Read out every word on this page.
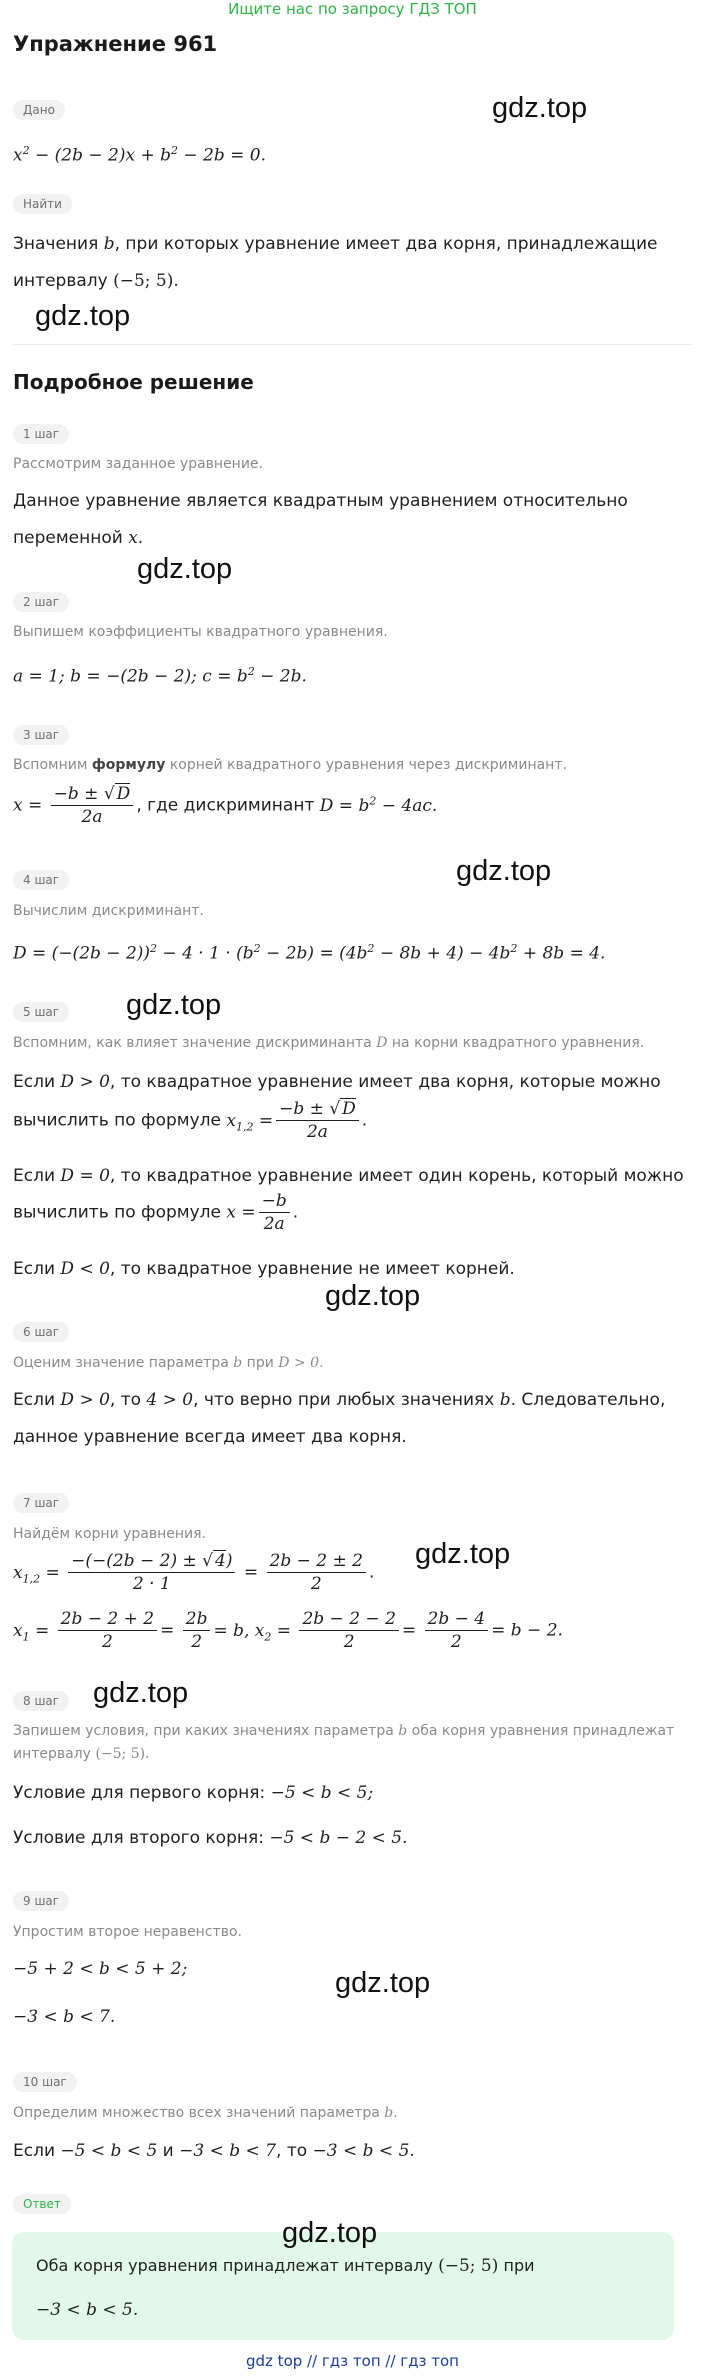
Ищите нас по запросу ГДЗ ТОП
Упражнение 961
Дано	gdz.top
$x^2 - (2b - 2)x + b^2 - 2b = 0$.
Найти
Значения b, при которых уравнение имеет два корня, принадлежащие
интервалу (−5; 5).
gdz.top
Подробное решение
1 шаг
Рассмотрим заданное уравнение.
Данное уравнение является квадратным уравнением относительно
переменной x.
gdz.top
2 шаг
Выпишем коэффициенты квадратного уравнения.
a = 1; b = −(2b − 2); $c = b^2 - 2b$.
3 шаг
Вспомним формулу корней квадратного уравнения через дискриминант.
$x = \frac{-b \pm √ D}{2a}$ , где дискриминант $D = b^2 - 4ac$.
4 шаг	gdz.top
Вычислим дискриминант.
$D = (-(2b - 2))^2 - 4 \cdot 1 \cdot (b^2 - 2b) = (4b^2 - 8b + 4) - 4b^2 + 8b = 4$.
5 шаг	gdz.top
Вспомним, как влияет значение дискриминанта D на корни квадратного уравнения.
Если D > 0, то квадратное уравнение имеет два корня, которые можно
вычислить по формуле $x_{1,2} = \frac{-b \pm √ D}{2a}$ .
Если D = 0, то квадратное уравнение имеет один корень, который можно
вычислить по формуле $x = \frac{-b}{2a}$ .
Если D < 0, то квадратное уравнение не имеет корней.
gdz.top
6 шаг
Оценим значение параметра b при D > 0.
Если D > 0, то 4 > 0, что верно при любых значениях b. Следовательно,
данное уравнение всегда имеет два корня.
7 шаг
Найдём корни уравнения.
gdz.top
$x_{1,2} = \frac{-(-(2b - 2) \pm √ 4)}{2 \cdot 1} = \frac{2b - 2 \pm 2}{2}$ .
$x_1 = \frac{2b - 2 + 2}{2} = \frac{2b}{2} = b$, $x_2 = \frac{2b - 2 - 2}{2} = \frac{2b - 4}{2} = b - 2$.
8 шаг	gdz.top
Запишем условия, при каких значениях параметра b оба корня уравнения принадлежат
интервалу (−5; 5).
Условие для первого корня: −5 < b < 5;
Условие для второго корня: −5 < b − 2 < 5.
9 шаг
Упростим второе неравенство.
−5 + 2 < b < 5 + 2;
−3 < b < 7.
gdz.top
10 шаг
Определим множество всех значений параметра b.
Если −5 < b < 5 и −3 < b < 7, то −3 < b < 5.
Ответ
gdz.top
Оба корня уравнения принадлежат интервалу (−5; 5) при
−3 < b < 5.
gdz top // гдз топ // гдз топ
